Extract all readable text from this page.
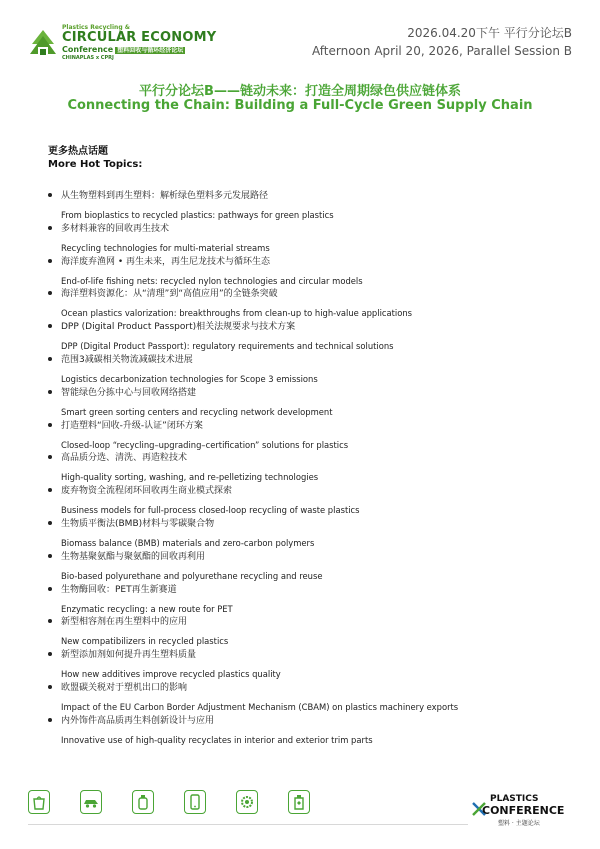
Plastics Recycling &
CIRCULAR ECONOMY
Conference 塑料回收与循环经济论坛
CHINAPLAS x CPRJ
2026.04.20下午 平行分论坛B
Afternoon April 20, 2026, Parallel Session B
平行分论坛B——链动未来：打造全周期绿色供应链体系
Connecting the Chain: Building a Full-Cycle Green Supply Chain
更多热点话题
More Hot Topics:
从生物塑料到再生塑料：解析绿色塑料多元发展路径
From bioplastics to recycled plastics: pathways for green plastics
多材料兼容的回收再生技术
Recycling technologies for multi-material streams
海洋废弃渔网 • 再生未来，再生尼龙技术与循环生态
End-of-life fishing nets: recycled nylon technologies and circular models
海洋塑料资源化：从“清理”到“高值应用”的全链条突破
Ocean plastics valorization: breakthroughs from clean-up to high-value applications
DPP (Digital Product Passport)相关法规要求与技术方案
DPP (Digital Product Passport): regulatory requirements and technical solutions
范围3减碳相关物流减碳技术进展
Logistics decarbonization technologies for Scope 3 emissions
智能绿色分拣中心与回收网络搭建
Smart green sorting centers and recycling network development
打造塑料“回收-升级-认证”闭环方案
Closed-loop “recycling–upgrading–certification” solutions for plastics
高品质分选、清洗、再造粒技术
High-quality sorting, washing, and re-pelletizing technologies
废弃物资全流程闭环回收再生商业模式探索
Business models for full-process closed-loop recycling of waste plastics
生物质平衡法(BMB)材料与零碳聚合物
Biomass balance (BMB) materials and zero-carbon polymers
生物基聚氨酯与聚氨酯的回收再利用
Bio-based polyurethane and polyurethane recycling and reuse
生物酶回收：PET再生新赛道
Enzymatic recycling: a new route for PET
新型相容剂在再生塑料中的应用
New compatibilizers in recycled plastics
新型添加剂如何提升再生塑料质量
How new additives improve recycled plastics quality
欧盟碳关税对于塑机出口的影响
Impact of the EU Carbon Border Adjustment Mechanism (CBAM) on plastics machinery exports
内外饰件高品质再生料创新设计与应用
Innovative use of high-quality recyclates in interior and exterior trim parts
PLASTICS
CONFERENCE
塑料 · 主题论坛
